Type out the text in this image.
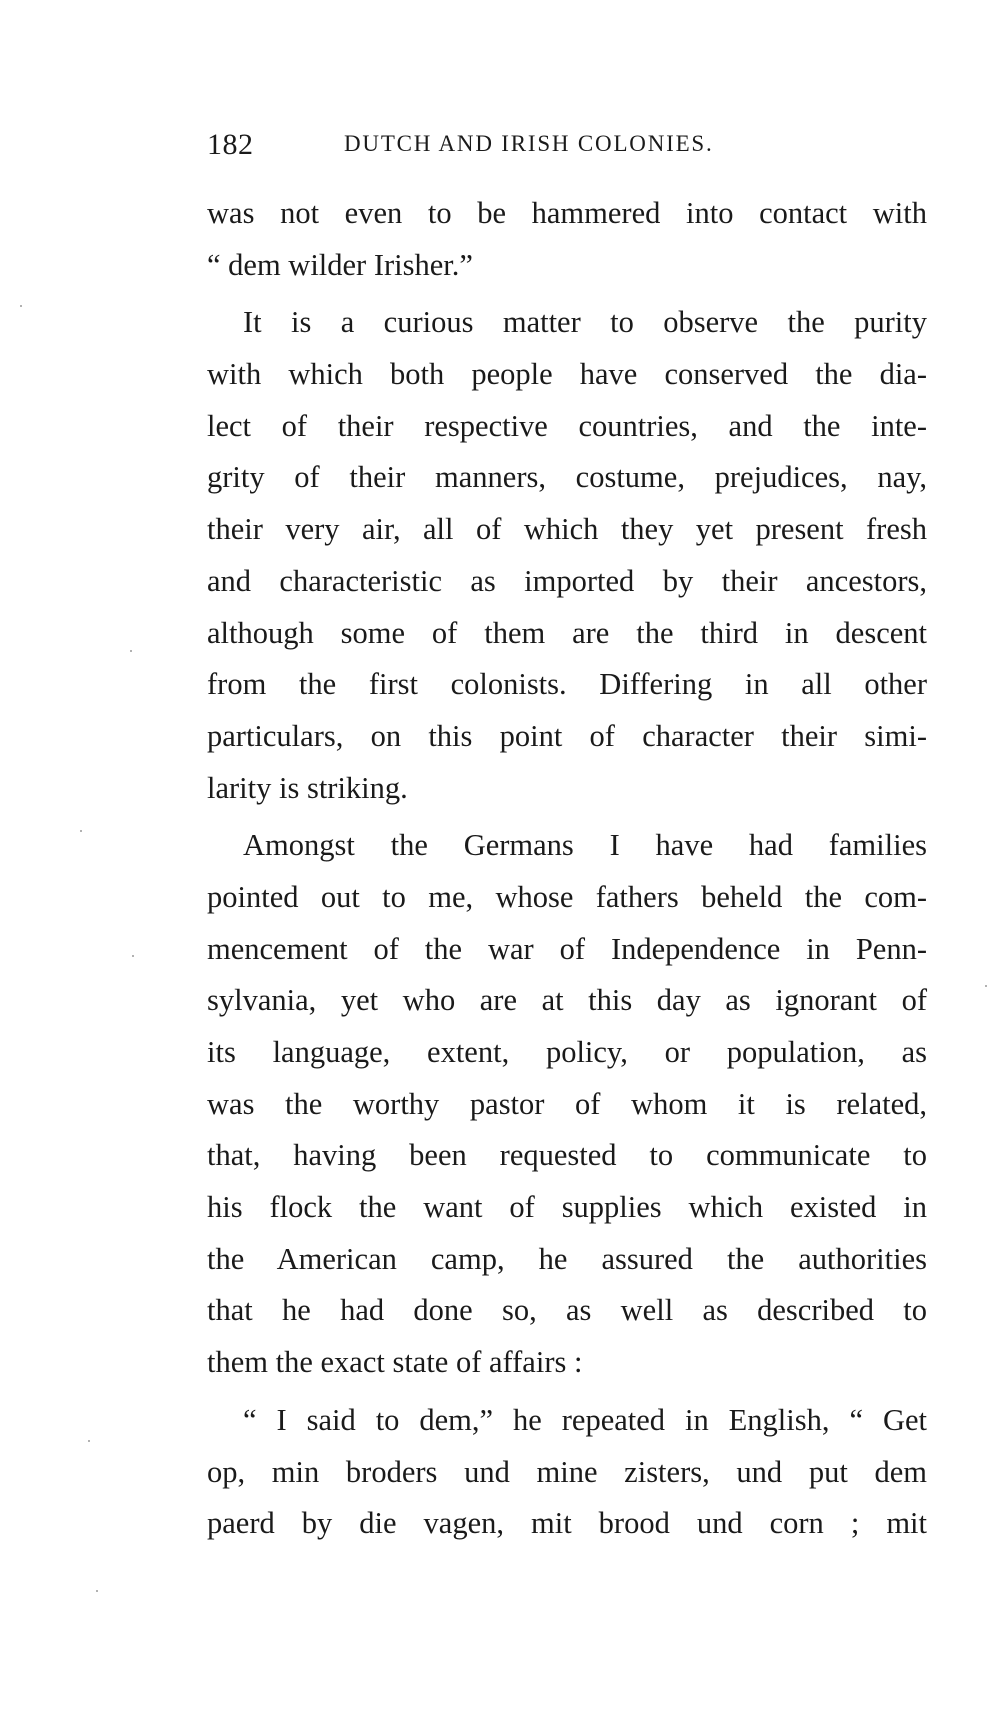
182	DUTCH AND IRISH COLONIES.
was not even to be hammered into contact with
“ dem wilder Irisher.”
It is a curious matter to observe the purity
with which both people have conserved the dia-
lect of their respective countries, and the inte-
grity of their manners, costume, prejudices, nay,
their very air, all of which they yet present fresh
and characteristic as imported by their ancestors,
although some of them are the third in descent
from the first colonists. Differing in all other
particulars, on this point of character their simi-
larity is striking.
Amongst the Germans I have had families
pointed out to me, whose fathers beheld the com-
mencement of the war of Independence in Penn-
sylvania, yet who are at this day as ignorant of
its language, extent, policy, or population, as
was the worthy pastor of whom it is related,
that, having been requested to communicate to
his flock the want of supplies which existed in
the American camp, he assured the authorities
that he had done so, as well as described to
them the exact state of affairs :
“ I said to dem,” he repeated in English, “ Get
op, min broders und mine zisters, und put dem
paerd by die vagen, mit brood und corn ; mit
